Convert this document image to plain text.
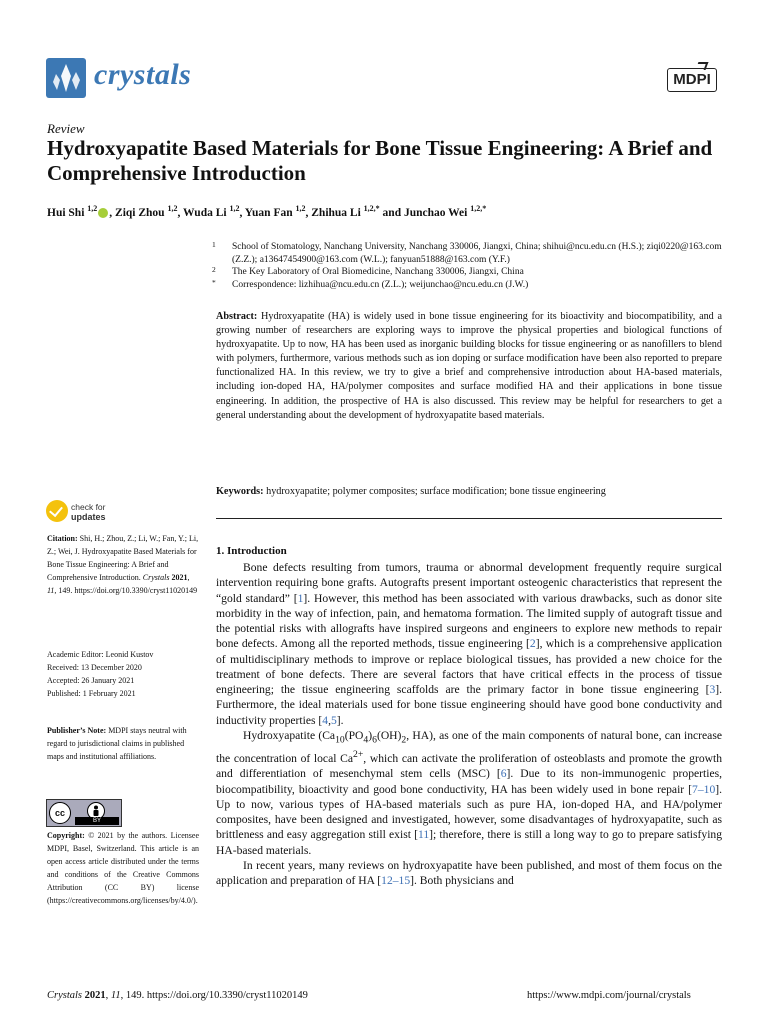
crystals	MDPI
Review
Hydroxyapatite Based Materials for Bone Tissue Engineering: A Brief and Comprehensive Introduction
Hui Shi $^{1,2}$ , Ziqi Zhou $^{1,2}$, Wuda Li $^{1,2}$, Yuan Fan $^{1,2}$, Zhihua Li $^{1,2,*}$ and Junchao Wei $^{1,2,*}$
1 School of Stomatology, Nanchang University, Nanchang 330006, Jiangxi, China; shihui@ncu.edu.cn (H.S.); ziqi0220@163.com (Z.Z.); a13647454900@163.com (W.L.); fanyuan51888@163.com (Y.F.)
2 The Key Laboratory of Oral Biomedicine, Nanchang 330006, Jiangxi, China
* Correspondence: lizhihua@ncu.edu.cn (Z.L.); weijunchao@ncu.edu.cn (J.W.)
Abstract: Hydroxyapatite (HA) is widely used in bone tissue engineering for its bioactivity and biocompatibility, and a growing number of researchers are exploring ways to improve the physical properties and biological functions of hydroxyapatite. Up to now, HA has been used as inorganic building blocks for tissue engineering or as nanofillers to blend with polymers, furthermore, various methods such as ion doping or surface modification have been also reported to prepare functionalized HA. In this review, we try to give a brief and comprehensive introduction about HA-based materials, including ion-doped HA, HA/polymer composites and surface modified HA and their applications in bone tissue engineering. In addition, the prospective of HA is also discussed. This review may be helpful for researchers to get a general understanding about the development of hydroxyapatite based materials.
Keywords: hydroxyapatite; polymer composites; surface modification; bone tissue engineering
check for
updates
Citation: Shi, H.; Zhou, Z.; Li, W.; Fan, Y.; Li, Z.; Wei, J. Hydroxyapatite Based Materials for Bone Tissue Engineering: A Brief and Comprehensive Introduction. Crystals 2021, 11, 149. https://doi.org/10.3390/cryst11020149
Academic Editor: Leonid Kustov
Received: 13 December 2020
Accepted: 26 January 2021
Published: 1 February 2021
Publisher’s Note: MDPI stays neutral with regard to jurisdictional claims in published maps and institutional affiliations.
cc
BY
Copyright: © 2021 by the authors. Licensee MDPI, Basel, Switzerland. This article is an open access article distributed under the terms and conditions of the Creative Commons Attribution (CC BY) license (https://creativecommons.org/licenses/by/4.0/).
1. Introduction

Bone defects resulting from tumors, trauma or abnormal development frequently require surgical intervention requiring bone grafts. Autografts present important osteogenic characteristics that represent the “gold standard” [1]. However, this method has been associated with various drawbacks, such as donor site morbidity in the way of infection, pain, and hematoma formation. The limited supply of autograft tissue and the potential risks with allografts have inspired surgeons and engineers to explore new methods to repair bone defects. Among all the reported methods, tissue engineering [2], which is a comprehensive application of multidisciplinary methods to improve or replace biological tissues, has provided a new choice for the treatment of bone defects. There are several factors that have critical effects in the process of tissue engineering; the tissue engineering scaffolds are the primary factor in bone tissue engineering [3]. Furthermore, the ideal materials used for bone tissue engineering should have good bone conductivity and inductivity properties [4,5].

Hydroxyapatite ($Ca_{10}(PO_4)_6(OH)_2$, HA), as one of the main components of natural bone, can increase the concentration of local $Ca^{2+}$, which can activate the proliferation of osteoblasts and promote the growth and differentiation of mesenchymal stem cells (MSC) [6]. Due to its non-immunogenic properties, biocompatibility, bioactivity and good bone conductivity, HA has been widely used in bone repair [7–10]. Up to now, various types of HA-based materials such as pure HA, ion-doped HA, and HA/polymer composites, have been designed and investigated, however, some disadvantages of hydroxyapatite, such as brittleness and easy aggregation still exist [11]; therefore, there is still a long way to go to prepare satisfying HA-based materials.

In recent years, many reviews on hydroxyapatite have been published, and most of them focus on the application and preparation of HA [12–15]. Both physicians and

Crystals 2021, 11, 149. https://doi.org/10.3390/cryst11020149	https://www.mdpi.com/journal/crystals
